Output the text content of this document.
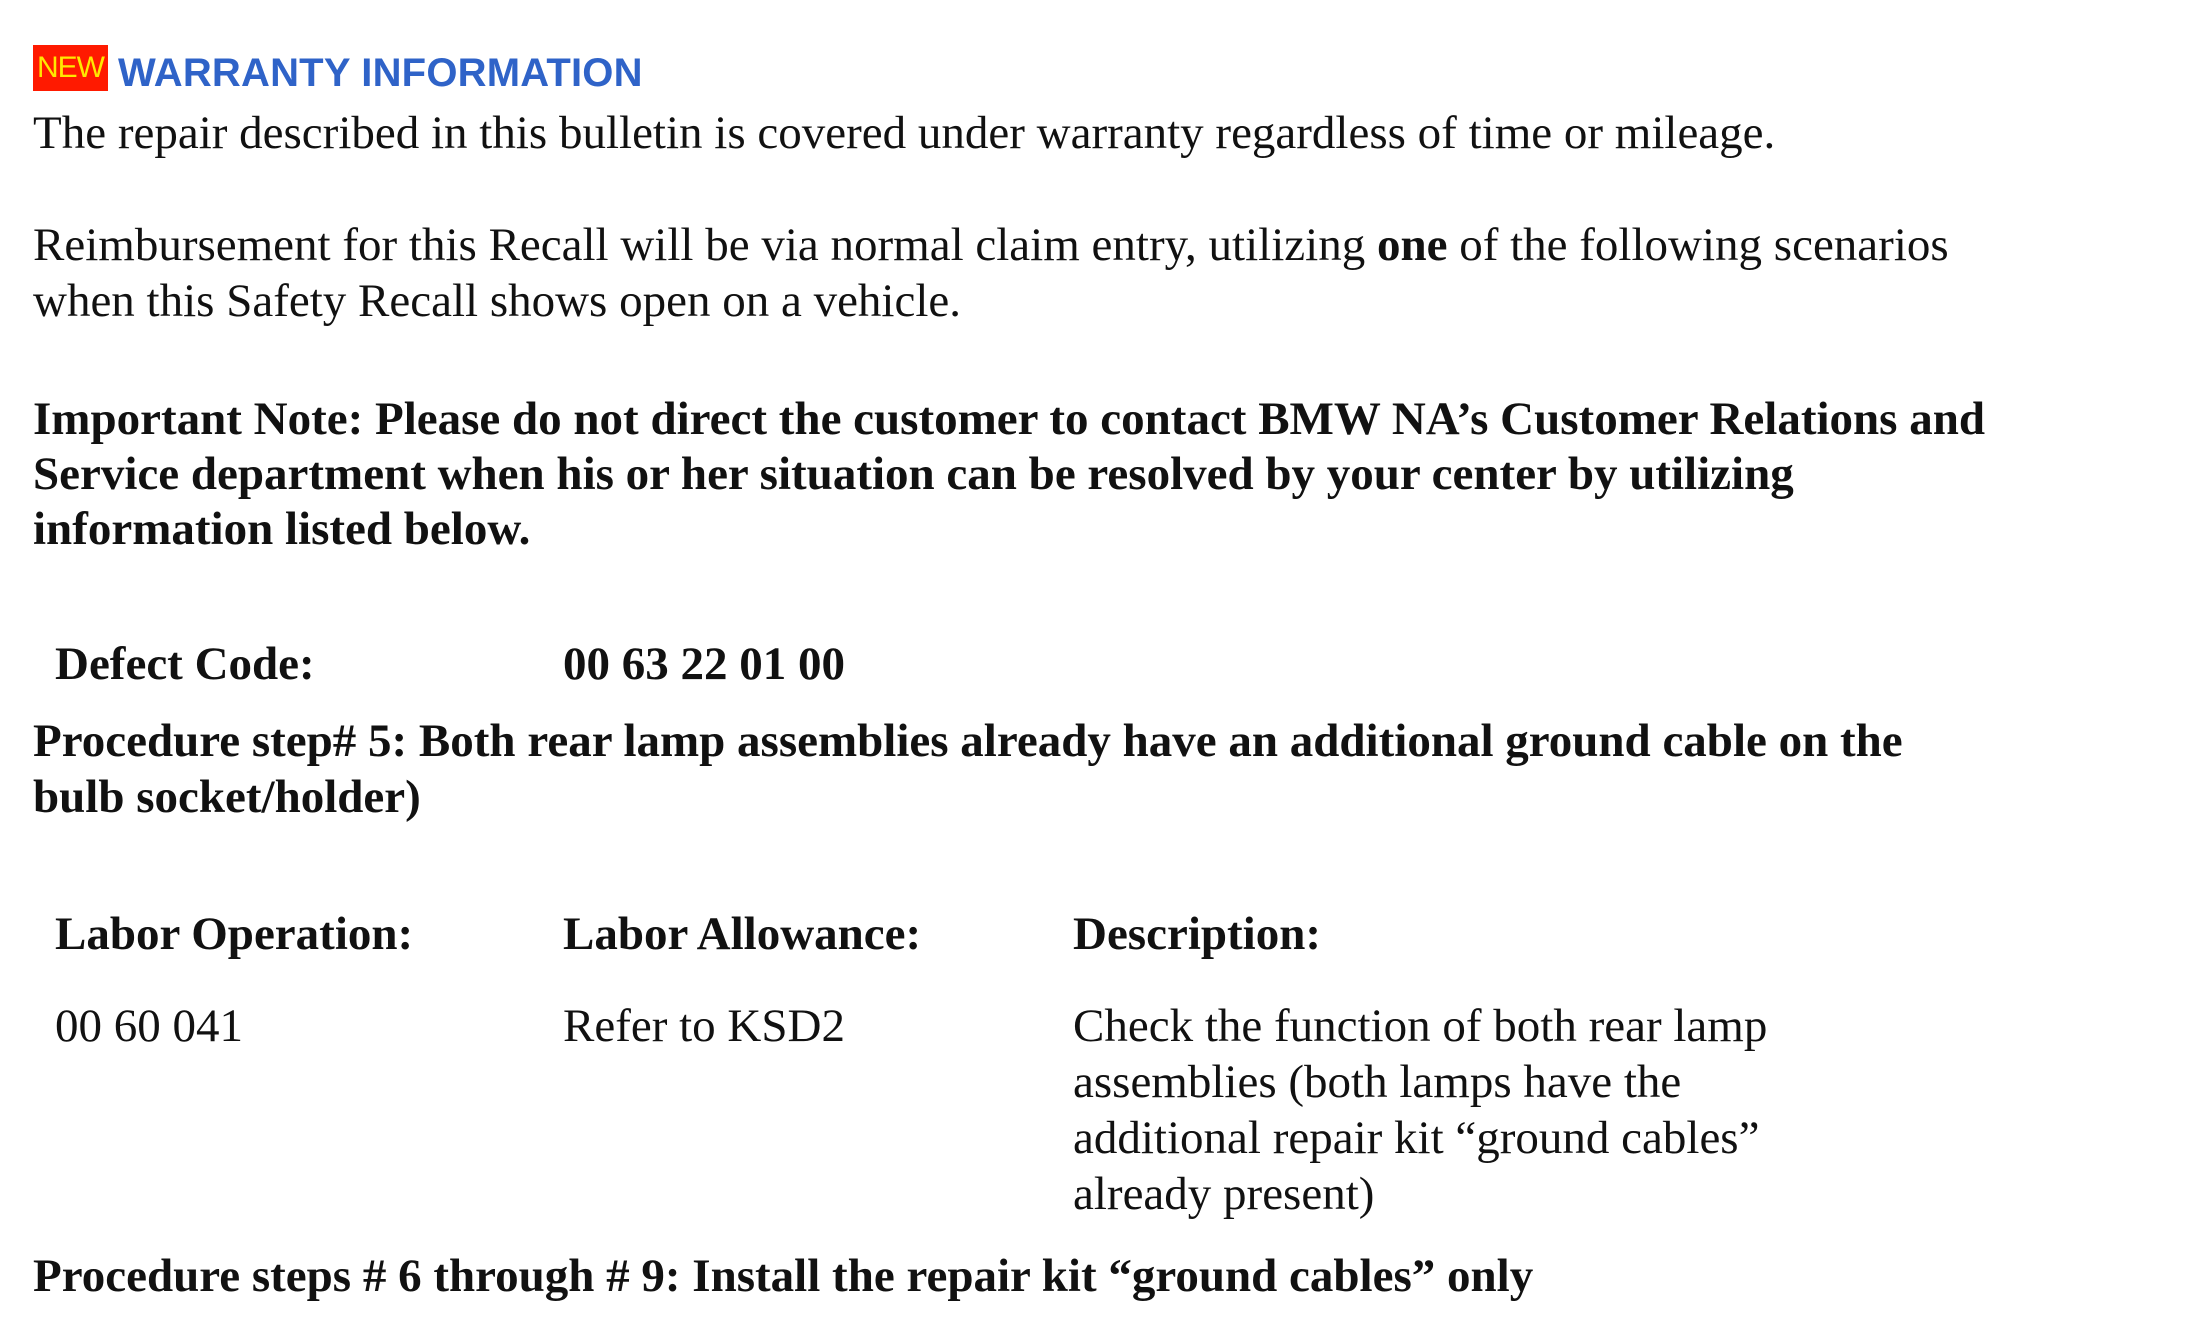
NEW WARRANTY INFORMATION
The repair described in this bulletin is covered under warranty regardless of time or mileage.
Reimbursement for this Recall will be via normal claim entry, utilizing one of the following scenarios
when this Safety Recall shows open on a vehicle.
Important Note: Please do not direct the customer to contact BMW NA’s Customer Relations and
Service department when his or her situation can be resolved by your center by utilizing
information listed below.
Defect Code:	00 63 22 01 00
Procedure step# 5: Both rear lamp assemblies already have an additional ground cable on the
bulb socket/holder)
Labor Operation:	Labor Allowance:	Description:
00 60 041	Refer to KSD2	Check the function of both rear lamp
assemblies (both lamps have the
additional repair kit “ground cables”
already present)
Procedure steps # 6 through # 9: Install the repair kit “ground cables” only
